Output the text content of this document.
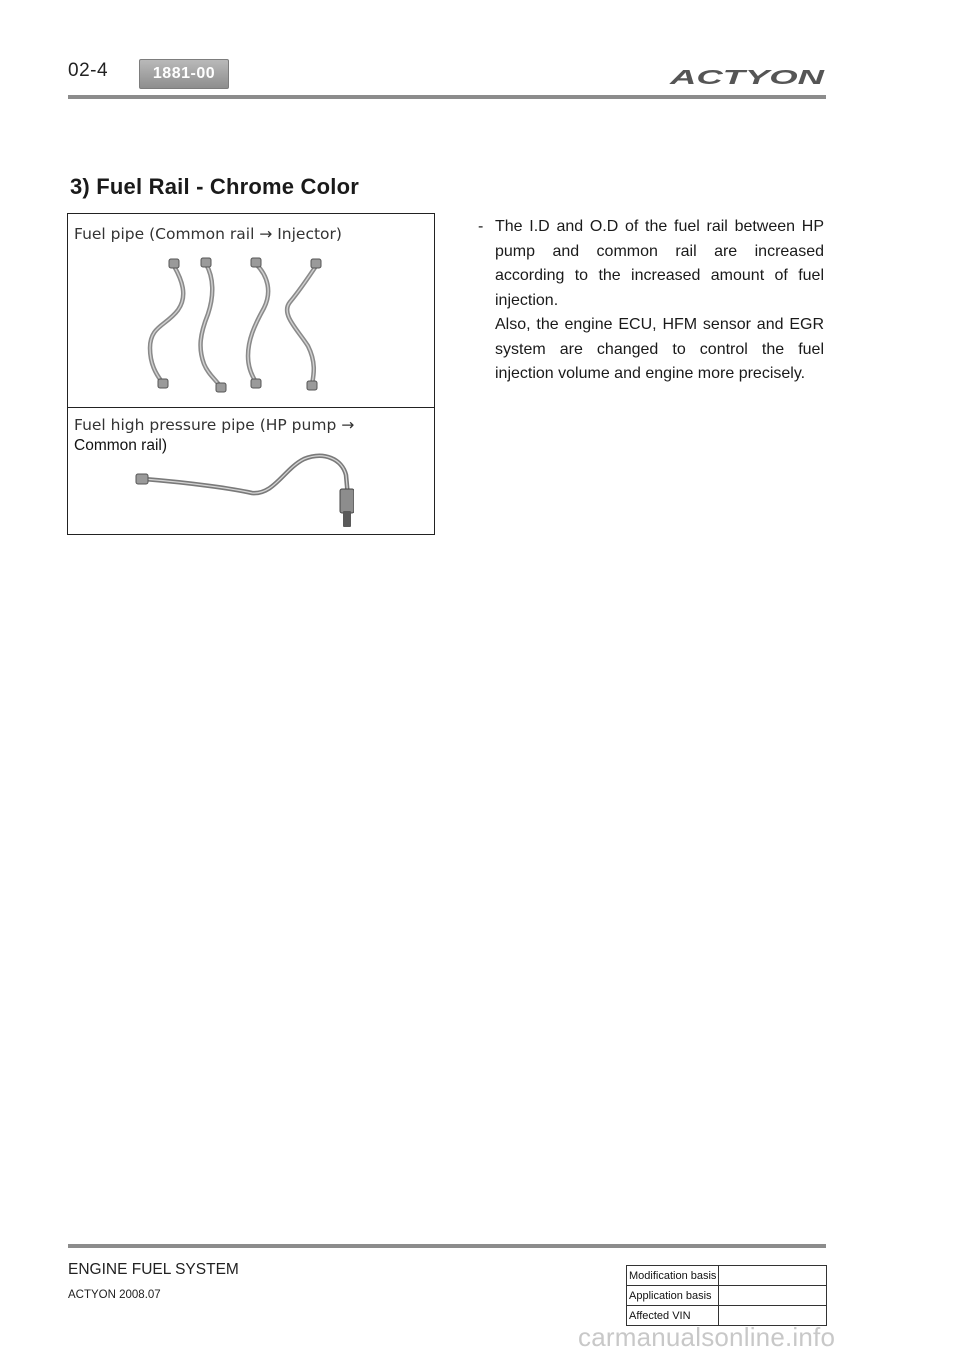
02-4	1881-00	ACTYON
3) Fuel Rail - Chrome Color
Fuel pipe (Common rail → Injector)
Fuel high pressure pipe (HP pump →
Common rail)
- The I.D and O.D of the fuel rail between HP pump and common rail are increased according to the increased amount of fuel injection.
Also, the engine ECU, HFM sensor and EGR system are changed to control the fuel injection volume and engine more precisely.
ENGINE FUEL SYSTEM
ACTYON 2008.07
Modification basis	
Application basis	
Affected VIN	
carmanualsonline.info
